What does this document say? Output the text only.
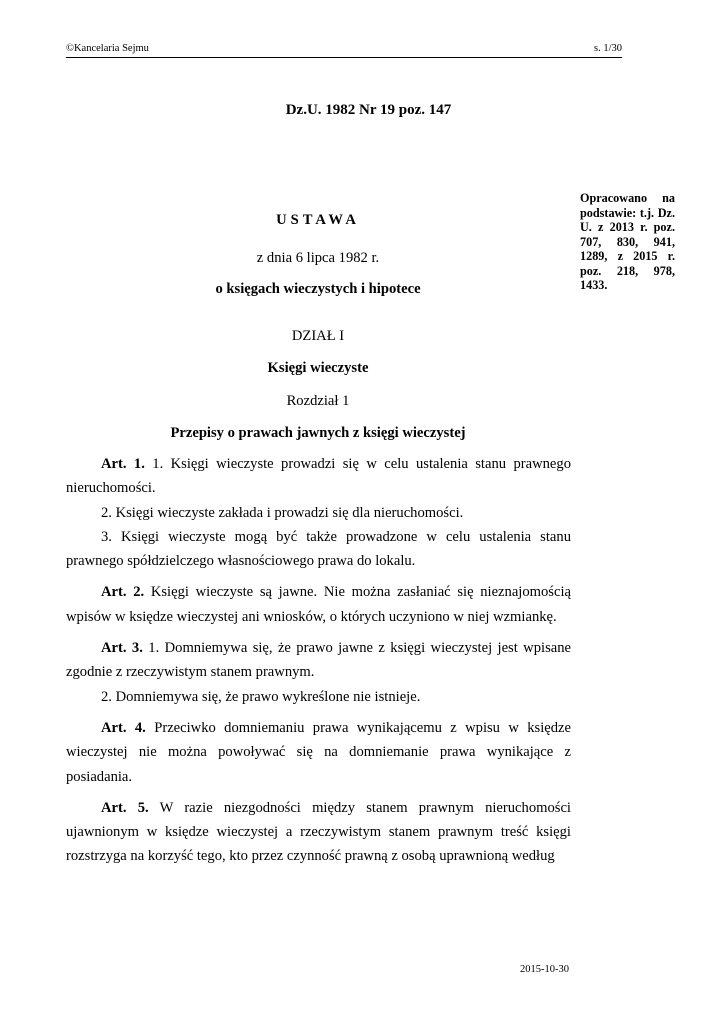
©Kancelaria Sejmu	s. 1/30
Dz.U. 1982 Nr 19 poz. 147
Opracowano na podstawie: t.j. Dz. U. z 2013 r. poz. 707, 830, 941, 1289, z 2015 r. poz. 218, 978, 1433.
USTAWA
z dnia 6 lipca 1982 r.
o księgach wieczystych i hipotece
DZIAŁ I
Księgi wieczyste
Rozdział 1
Przepisy o prawach jawnych z księgi wieczystej

Art. 1. 1. Księgi wieczyste prowadzi się w celu ustalenia stanu prawnego nieruchomości.

2. Księgi wieczyste zakłada i prowadzi się dla nieruchomości.

3. Księgi wieczyste mogą być także prowadzone w celu ustalenia stanu prawnego spółdzielczego własnościowego prawa do lokalu.

Art. 2. Księgi wieczyste są jawne. Nie można zasłaniać się nieznajomością wpisów w księdze wieczystej ani wniosków, o których uczyniono w niej wzmiankę.

Art. 3. 1. Domniemywa się, że prawo jawne z księgi wieczystej jest wpisane zgodnie z rzeczywistym stanem prawnym.

2. Domniemywa się, że prawo wykreślone nie istnieje.

Art. 4. Przeciwko domniemaniu prawa wynikającemu z wpisu w księdze wieczystej nie można powoływać się na domniemanie prawa wynikające z posiadania.

Art. 5. W razie niezgodności między stanem prawnym nieruchomości ujawnionym w księdze wieczystej a rzeczywistym stanem prawnym treść księgi rozstrzyga na korzyść tego, kto przez czynność prawną z osobą uprawnioną według

2015-10-30
